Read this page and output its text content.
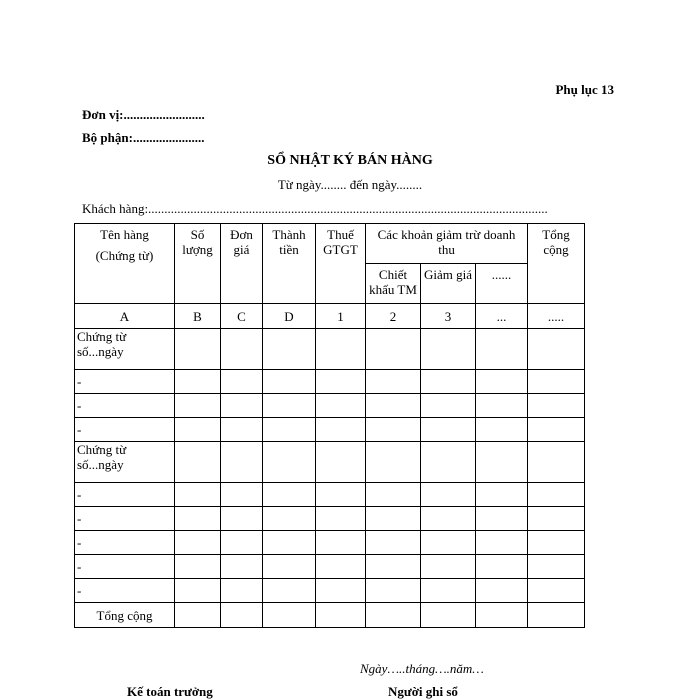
Phụ lục 13
Đơn vị:.........................
Bộ phận:......................
SỔ NHẬT KÝ BÁN HÀNG
Từ ngày........ đến ngày........
Khách hàng:...........................................................................................................................
Tên hàng
(Chứng từ)	Số lượng	Đơn giá	Thành tiền	Thuế GTGT	Các khoản giảm trừ doanh thu			Tổng cộng

					Chiết khấu TM	Giảm giá	......	

A	B	C	D	1	2	3	...	.....
Chứng từ số...ngày								
-								
-								
-								
Chứng từ số...ngày								
-								
-								
-								
-								
-								
Tổng cộng								
Ngày…..tháng….năm…
Kế toán trưởng	Người ghi sổ
